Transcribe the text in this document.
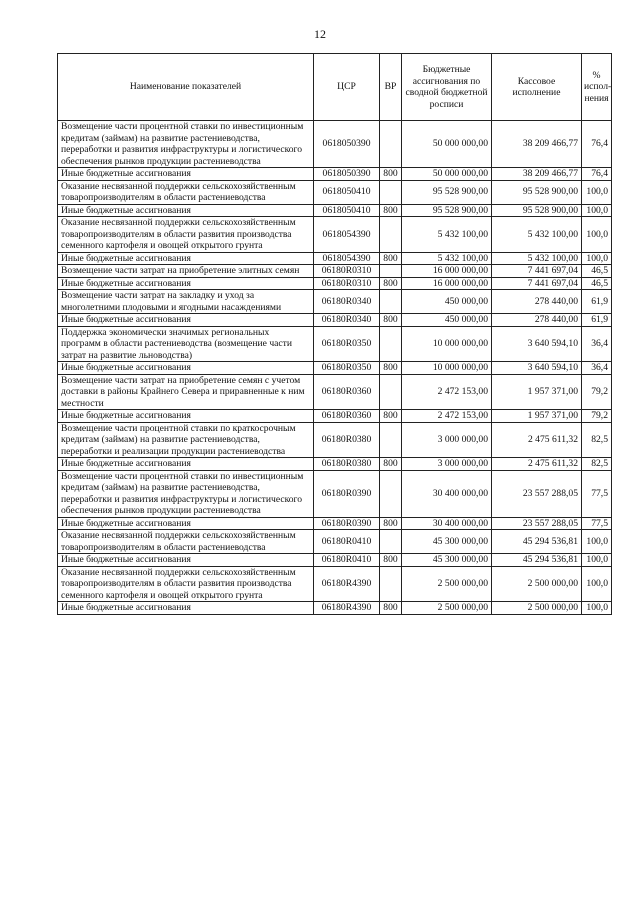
12
Наименование показателей	ЦСР	ВР	Бюджетные ассигнования по сводной бюджетной росписи	Кассовое исполнение	% испол-нения
Возмещение части процентной ставки по инвестиционным кредитам (займам) на развитие растениеводства, переработки и развития инфраструктуры и логистического обеспечения рынков продукции растениеводства	0618050390		50 000 000,00	38 209 466,77	76,4
Иные бюджетные ассигнования	0618050390	800	50 000 000,00	38 209 466,77	76,4
Оказание несвязанной поддержки сельскохозяйственным товаропроизводителям в области растениеводства	0618050410		95 528 900,00	95 528 900,00	100,0
Иные бюджетные ассигнования	0618050410	800	95 528 900,00	95 528 900,00	100,0
Оказание несвязанной поддержки сельскохозяйственным товаропроизводителям в области развития производства семенного картофеля и овощей открытого грунта	0618054390		5 432 100,00	5 432 100,00	100,0
Иные бюджетные ассигнования	0618054390	800	5 432 100,00	5 432 100,00	100,0
Возмещение части затрат на приобретение элитных семян	06180R0310		16 000 000,00	7 441 697,04	46,5
Иные бюджетные ассигнования	06180R0310	800	16 000 000,00	7 441 697,04	46,5
Возмещение части затрат на закладку и уход за многолетними плодовыми и ягодными насаждениями	06180R0340		450 000,00	278 440,00	61,9
Иные бюджетные ассигнования	06180R0340	800	450 000,00	278 440,00	61,9
Поддержка экономически значимых региональных программ в области растениеводства (возмещение части затрат на развитие льноводства)	06180R0350		10 000 000,00	3 640 594,10	36,4
Иные бюджетные ассигнования	06180R0350	800	10 000 000,00	3 640 594,10	36,4
Возмещение части затрат на приобретение семян с учетом доставки в районы Крайнего Севера и приравненные к ним местности	06180R0360		2 472 153,00	1 957 371,00	79,2
Иные бюджетные ассигнования	06180R0360	800	2 472 153,00	1 957 371,00	79,2
Возмещение части процентной ставки по краткосрочным кредитам (займам) на развитие растениеводства, переработки и реализации продукции растениеводства	06180R0380		3 000 000,00	2 475 611,32	82,5
Иные бюджетные ассигнования	06180R0380	800	3 000 000,00	2 475 611,32	82,5
Возмещение части процентной ставки по инвестиционным кредитам (займам) на развитие растениеводства, переработки и развития инфраструктуры и логистического обеспечения рынков продукции растениеводства	06180R0390		30 400 000,00	23 557 288,05	77,5
Иные бюджетные ассигнования	06180R0390	800	30 400 000,00	23 557 288,05	77,5
Оказание несвязанной поддержки сельскохозяйственным товаропроизводителям в области растениеводства	06180R0410		45 300 000,00	45 294 536,81	100,0
Иные бюджетные ассигнования	06180R0410	800	45 300 000,00	45 294 536,81	100,0
Оказание несвязанной поддержки сельскохозяйственным товаропроизводителям в области развития производства семенного картофеля и овощей открытого грунта	06180R4390		2 500 000,00	2 500 000,00	100,0
Иные бюджетные ассигнования	06180R4390	800	2 500 000,00	2 500 000,00	100,0
